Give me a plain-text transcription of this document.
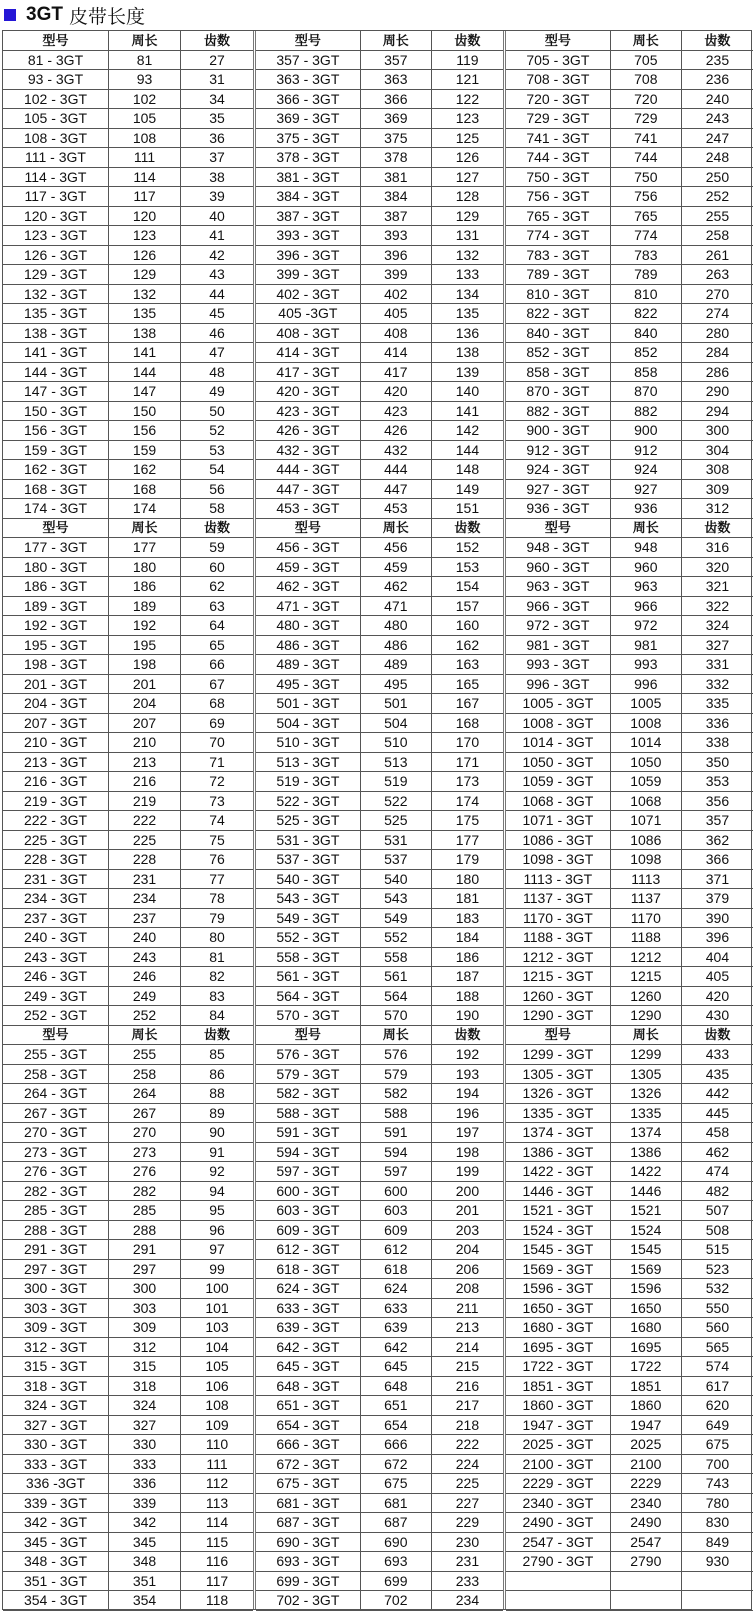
3GT 皮带长度
型号	周长	齿数
81 - 3GT	81	27
93 - 3GT	93	31
102 - 3GT	102	34
105 - 3GT	105	35
108 - 3GT	108	36
111 - 3GT	111	37
114 - 3GT	114	38
117 - 3GT	117	39
120 - 3GT	120	40
123 - 3GT	123	41
126 - 3GT	126	42
129 - 3GT	129	43
132 - 3GT	132	44
135 - 3GT	135	45
138 - 3GT	138	46
141 - 3GT	141	47
144 - 3GT	144	48
147 - 3GT	147	49
150 - 3GT	150	50
156 - 3GT	156	52
159 - 3GT	159	53
162 - 3GT	162	54
168 - 3GT	168	56
174 - 3GT	174	58
型号	周长	齿数
177 - 3GT	177	59
180 - 3GT	180	60
186 - 3GT	186	62
189 - 3GT	189	63
192 - 3GT	192	64
195 - 3GT	195	65
198 - 3GT	198	66
201 - 3GT	201	67
204 - 3GT	204	68
207 - 3GT	207	69
210 - 3GT	210	70
213 - 3GT	213	71
216 - 3GT	216	72
219 - 3GT	219	73
222 - 3GT	222	74
225 - 3GT	225	75
228 - 3GT	228	76
231 - 3GT	231	77
234 - 3GT	234	78
237 - 3GT	237	79
240 - 3GT	240	80
243 - 3GT	243	81
246 - 3GT	246	82
249 - 3GT	249	83
252 - 3GT	252	84
型号	周长	齿数
255 - 3GT	255	85
258 - 3GT	258	86
264 - 3GT	264	88
267 - 3GT	267	89
270 - 3GT	270	90
273 - 3GT	273	91
276 - 3GT	276	92
282 - 3GT	282	94
285 - 3GT	285	95
288 - 3GT	288	96
291 - 3GT	291	97
297 - 3GT	297	99
300 - 3GT	300	100
303 - 3GT	303	101
309 - 3GT	309	103
312 - 3GT	312	104
315 - 3GT	315	105
318 - 3GT	318	106
324 - 3GT	324	108
327 - 3GT	327	109
330 - 3GT	330	110
333 - 3GT	333	111
336 -3GT	336	112
339 - 3GT	339	113
342 - 3GT	342	114
345 - 3GT	345	115
348 - 3GT	348	116
351 - 3GT	351	117
354 - 3GT	354	118
型号	周长	齿数
357 - 3GT	357	119
363 - 3GT	363	121
366 - 3GT	366	122
369 - 3GT	369	123
375 - 3GT	375	125
378 - 3GT	378	126
381 - 3GT	381	127
384 - 3GT	384	128
387 - 3GT	387	129
393 - 3GT	393	131
396 - 3GT	396	132
399 - 3GT	399	133
402 - 3GT	402	134
405 -3GT	405	135
408 - 3GT	408	136
414 - 3GT	414	138
417 - 3GT	417	139
420 - 3GT	420	140
423 - 3GT	423	141
426 - 3GT	426	142
432 - 3GT	432	144
444 - 3GT	444	148
447 - 3GT	447	149
453 - 3GT	453	151
型号	周长	齿数
456 - 3GT	456	152
459 - 3GT	459	153
462 - 3GT	462	154
471 - 3GT	471	157
480 - 3GT	480	160
486 - 3GT	486	162
489 - 3GT	489	163
495 - 3GT	495	165
501 - 3GT	501	167
504 - 3GT	504	168
510 - 3GT	510	170
513 - 3GT	513	171
519 - 3GT	519	173
522 - 3GT	522	174
525 - 3GT	525	175
531 - 3GT	531	177
537 - 3GT	537	179
540 - 3GT	540	180
543 - 3GT	543	181
549 - 3GT	549	183
552 - 3GT	552	184
558 - 3GT	558	186
561 - 3GT	561	187
564 - 3GT	564	188
570 - 3GT	570	190
型号	周长	齿数
576 - 3GT	576	192
579 - 3GT	579	193
582 - 3GT	582	194
588 - 3GT	588	196
591 - 3GT	591	197
594 - 3GT	594	198
597 - 3GT	597	199
600 - 3GT	600	200
603 - 3GT	603	201
609 - 3GT	609	203
612 - 3GT	612	204
618 - 3GT	618	206
624 - 3GT	624	208
633 - 3GT	633	211
639 - 3GT	639	213
642 - 3GT	642	214
645 - 3GT	645	215
648 - 3GT	648	216
651 - 3GT	651	217
654 - 3GT	654	218
666 - 3GT	666	222
672 - 3GT	672	224
675 - 3GT	675	225
681 - 3GT	681	227
687 - 3GT	687	229
690 - 3GT	690	230
693 - 3GT	693	231
699 - 3GT	699	233
702 - 3GT	702	234
型号	周长	齿数
705 - 3GT	705	235
708 - 3GT	708	236
720 - 3GT	720	240
729 - 3GT	729	243
741 - 3GT	741	247
744 - 3GT	744	248
750 - 3GT	750	250
756 - 3GT	756	252
765 - 3GT	765	255
774 - 3GT	774	258
783 - 3GT	783	261
789 - 3GT	789	263
810 - 3GT	810	270
822 - 3GT	822	274
840 - 3GT	840	280
852 - 3GT	852	284
858 - 3GT	858	286
870 - 3GT	870	290
882 - 3GT	882	294
900 - 3GT	900	300
912 - 3GT	912	304
924 - 3GT	924	308
927 - 3GT	927	309
936 - 3GT	936	312
型号	周长	齿数
948 - 3GT	948	316
960 - 3GT	960	320
963 - 3GT	963	321
966 - 3GT	966	322
972 - 3GT	972	324
981 - 3GT	981	327
993 - 3GT	993	331
996 - 3GT	996	332
1005 - 3GT	1005	335
1008 - 3GT	1008	336
1014 - 3GT	1014	338
1050 - 3GT	1050	350
1059 - 3GT	1059	353
1068 - 3GT	1068	356
1071 - 3GT	1071	357
1086 - 3GT	1086	362
1098 - 3GT	1098	366
1113 - 3GT	1113	371
1137 - 3GT	1137	379
1170 - 3GT	1170	390
1188 - 3GT	1188	396
1212 - 3GT	1212	404
1215 - 3GT	1215	405
1260 - 3GT	1260	420
1290 - 3GT	1290	430
型号	周长	齿数
1299 - 3GT	1299	433
1305 - 3GT	1305	435
1326 - 3GT	1326	442
1335 - 3GT	1335	445
1374 - 3GT	1374	458
1386 - 3GT	1386	462
1422 - 3GT	1422	474
1446 - 3GT	1446	482
1521 - 3GT	1521	507
1524 - 3GT	1524	508
1545 - 3GT	1545	515
1569 - 3GT	1569	523
1596 - 3GT	1596	532
1650 - 3GT	1650	550
1680 - 3GT	1680	560
1695 - 3GT	1695	565
1722 - 3GT	1722	574
1851 - 3GT	1851	617
1860 - 3GT	1860	620
1947 - 3GT	1947	649
2025 - 3GT	2025	675
2100 - 3GT	2100	700
2229 - 3GT	2229	743
2340 - 3GT	2340	780
2490 - 3GT	2490	830
2547 - 3GT	2547	849
2790 - 3GT	2790	930
